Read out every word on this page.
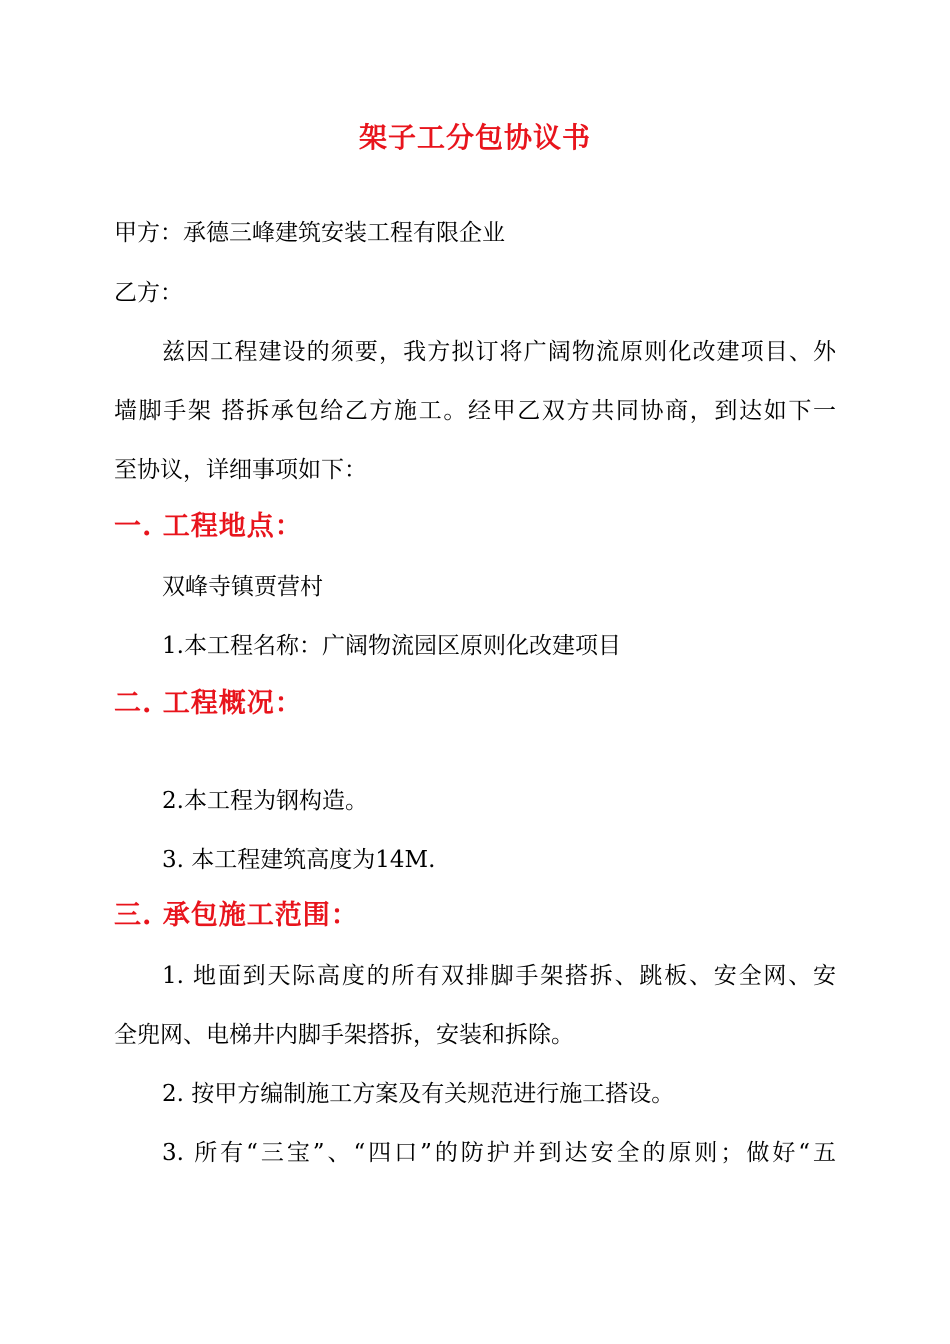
架子工分包协议书
甲方：承德三峰建筑安装工程有限企业
乙方：
兹因工程建设的须要，我方拟订将广阔物流原则化改建项目、外
墙脚手架 搭拆承包给乙方施工。经甲乙双方共同协商，到达如下一
至协议，详细事项如下：
一. 工程地点：
双峰寺镇贾营村
1.本工程名称：广阔物流园区原则化改建项目
二. 工程概况：
2.本工程为钢构造。
3. 本工程建筑高度为14M.
三. 承包施工范围：
1. 地面到天际高度的所有双排脚手架搭拆、跳板、安全网、安
全兜网、电梯井内脚手架搭拆，安装和拆除。
2. 按甲方编制施工方案及有关规范进行施工搭设。
3. 所有“三宝”、“四口”的防护并到达安全的原则；做好“五
